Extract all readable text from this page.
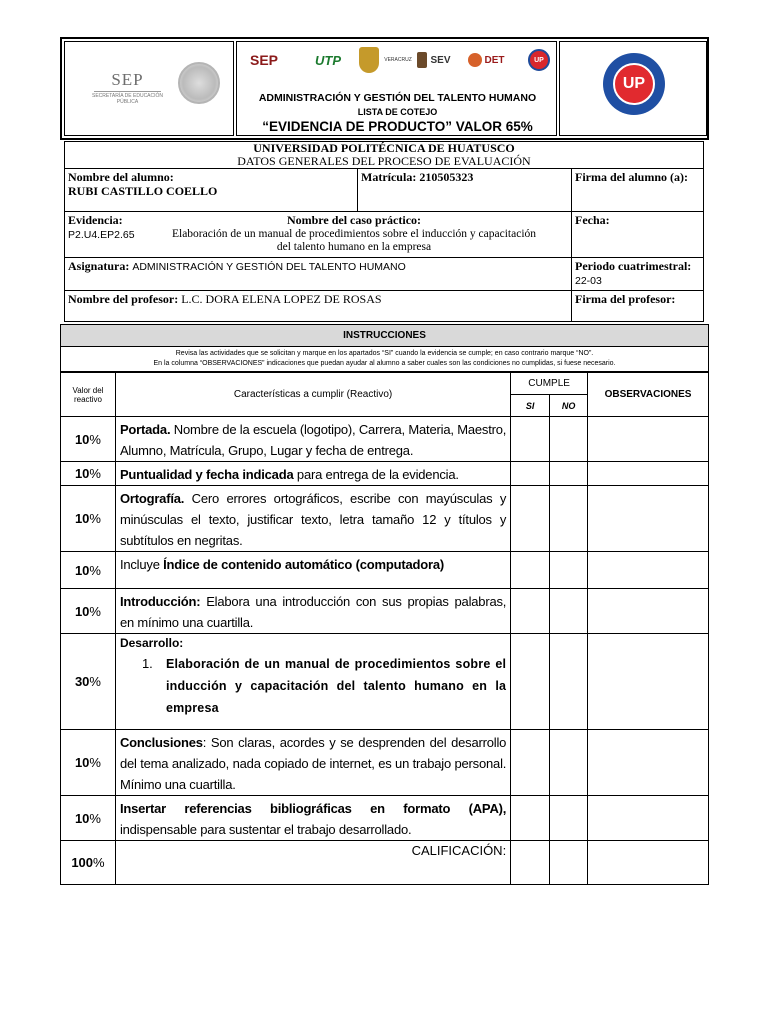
SEP
SECRETARÍA DE EDUCACIÓN PÚBLICA
SEP	UTP	VERACRUZ SEV	DET	UP
ADMINISTRACIÓN Y GESTIÓN DEL TALENTO HUMANO
LISTA DE COTEJO
“EVIDENCIA DE PRODUCTO” VALOR 65%
UP
UNIVERSIDAD POLITÉCNICA DE HUATUSCO		
DATOS GENERALES DEL PROCESO DE EVALUACIÓN		

Nombre del alumno:
RUBI CASTILLO COELLO	Matrícula: 210505323	Firma del alumno (a):

Evidencia:
P2.U4.EP2.65
Nombre del caso práctico:
Elaboración de un manual de procedimientos sobre el inducción y capacitación del talento humano en la empresa		Fecha:
Asignatura: ADMINISTRACIÓN Y GESTIÓN DEL TALENTO HUMANO		Periodo cuatrimestral:
22-03

Nombre del profesor: L.C. DORA ELENA LOPEZ DE ROSAS		Firma del profesor:
INSTRUCCIONES
Revisa las actividades que se solicitan y marque en los apartados “SI” cuando la evidencia se cumple; en caso contrario marque “NO”.
En la columna “OBSERVACIONES” indicaciones que puedan ayudar al alumno a saber cuales son las condiciones no cumplidas, si fuese necesario.
Valor del reactivo	Características a cumplir (Reactivo)	CUMPLE		OBSERVACIONES
		SI	NO	
10%	Portada. Nombre de la escuela (logotipo), Carrera, Materia, Maestro, Alumno, Matrícula, Grupo, Lugar y fecha de entrega.			
10%	Puntualidad y fecha indicada para entrega de la evidencia.			
10%	Ortografía. Cero errores ortográficos, escribe con mayúsculas y minúsculas el texto, justificar texto, letra tamaño 12 y títulos y subtítulos en negritas.			
10%	Incluye Índice de contenido automático (computadora)			
10%	Introducción: Elabora una introducción con sus propias palabras, en mínimo una cuartilla.			
30%	Desarrollo:
1. Elaboración de un manual de procedimientos sobre el inducción y capacitación del talento humano en la empresa			

10%	Conclusiones: Son claras, acordes y se desprenden del desarrollo del tema analizado, nada copiado de internet, es un trabajo personal. Mínimo una cuartilla.			
10%	Insertar referencias bibliográficas en formato (APA), indispensable para sustentar el trabajo desarrollado.			
100%	CALIFICACIÓN:			
